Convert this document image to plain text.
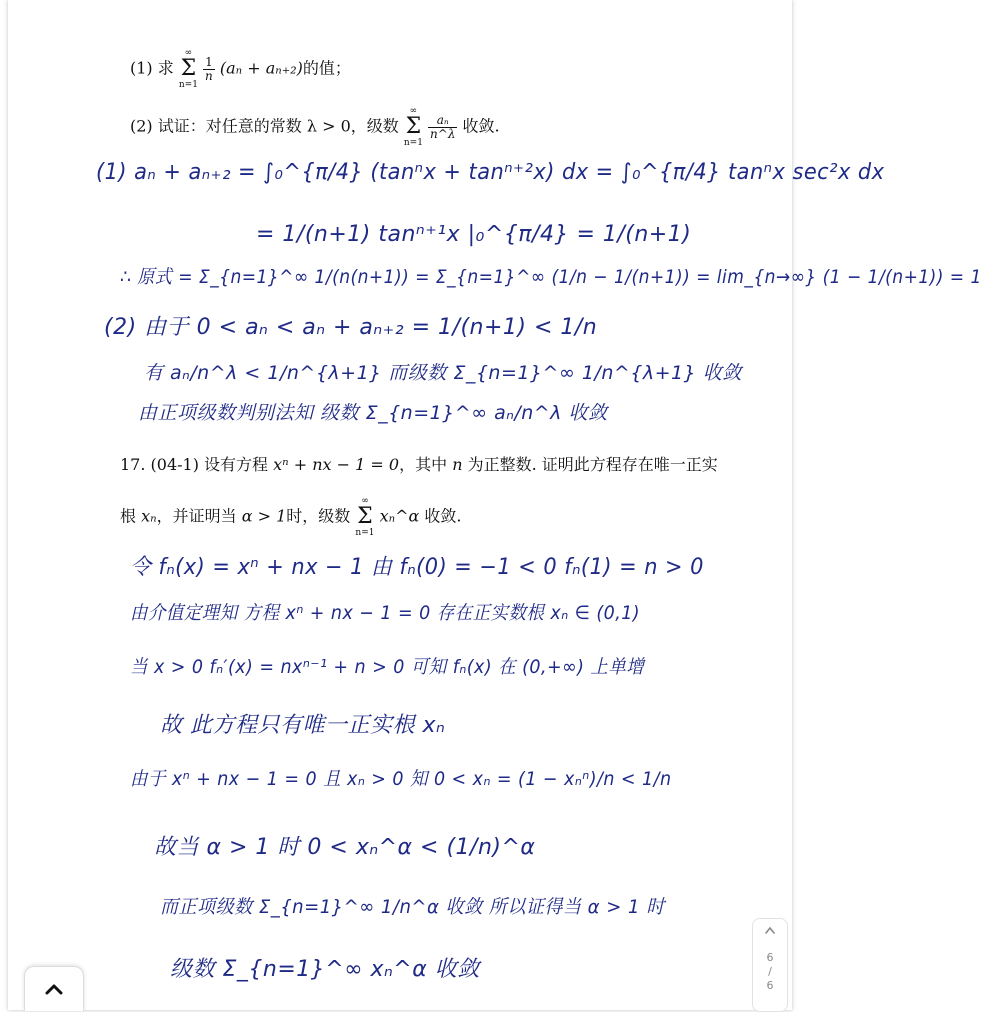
(1) 求
∞
Σ
n=1

$\frac{1}{n} (a_n + a_{n+2})$的值；
(2) 试证：对任意的常数 λ > 0，级数
∞
Σ
n=1

$\frac{\text{aₙ}}{n\^{}\lambda}$ 收敛.
(1) aₙ + aₙ₊₂ = ∫₀^{π/4} (tanⁿx + tanⁿ⁺²x) dx = ∫₀^{π/4} tanⁿx sec²x dx
= 1/(n+1) tanⁿ⁺¹x |₀^{π/4} = 1/(n+1)
∴ 原式 = Σ_{n=1}^∞ 1/(n(n+1)) = Σ_{n=1}^∞ (1/n − 1/(n+1)) = lim_{n→∞} (1 − 1/(n+1)) = 1
(2) 由于 0 < aₙ < aₙ + aₙ₊₂ = 1/(n+1) < 1/n
有 aₙ/n^λ < 1/n^{λ+1} 而级数 Σ_{n=1}^∞ 1/n^{λ+1} 收敛
由正项级数判别法知 级数 Σ_{n=1}^∞ aₙ/n^λ 收敛
17. (04-1) 设有方程 xⁿ + nx − 1 = 0，其中 n 为正整数. 证明此方程存在唯一正实
根 xₙ，并证明当 α > 1时，级数
∞
Σ
n=1
xₙ^α 收敛.
令 fₙ(x) = xⁿ + nx − 1 由 fₙ(0) = −1 < 0 fₙ(1) = n > 0
由介值定理知 方程 xⁿ + nx − 1 = 0 存在正实数根 xₙ ∈ (0,1)
当 x > 0 fₙ′(x) = nxⁿ⁻¹ + n > 0 可知 fₙ(x) 在 (0,+∞) 上单增
故 此方程只有唯一正实根 xₙ
由于 xⁿ + nx − 1 = 0 且 xₙ > 0 知 0 < xₙ = (1 − xₙⁿ)/n < 1/n
故当 α > 1 时 0 < xₙ^α < (1/n)^α
而正项级数 Σ_{n=1}^∞ 1/n^α 收敛 所以证得当 α > 1 时
级数 Σ_{n=1}^∞ xₙ^α 收敛	6
/
6
